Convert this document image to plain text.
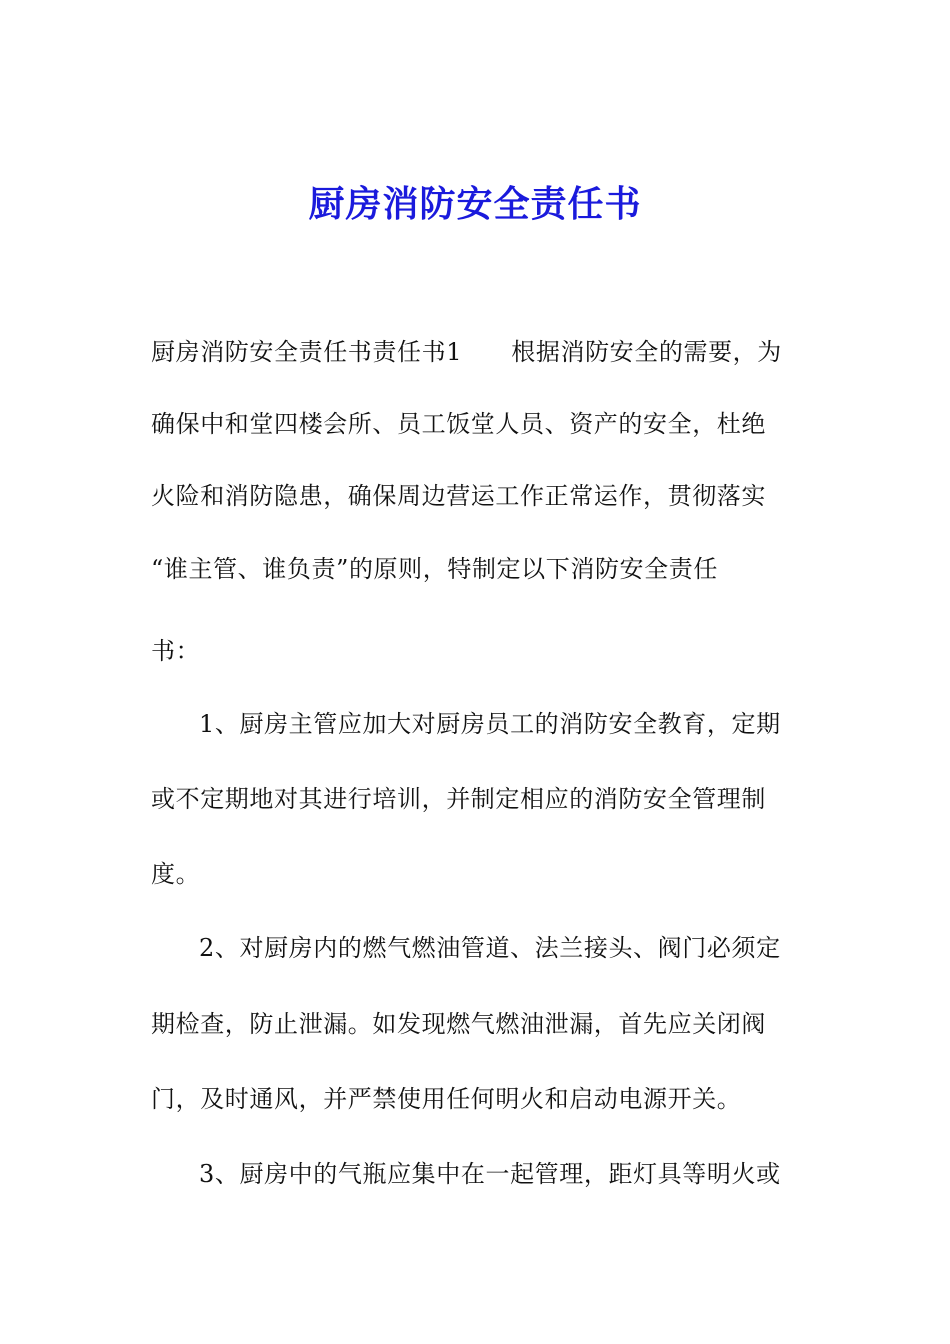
厨房消防安全责任书
厨房消防安全责任书责任书1　　根据消防安全的需要，为
确保中和堂四楼会所、员工饭堂人员、资产的安全，杜绝
火险和消防隐患，确保周边营运工作正常运作，贯彻落实
“谁主管、谁负责”的原则，特制定以下消防安全责任
书：
1、厨房主管应加大对厨房员工的消防安全教育，定期
或不定期地对其进行培训，并制定相应的消防安全管理制
度。
2、对厨房内的燃气燃油管道、法兰接头、阀门必须定
期检查，防止泄漏。如发现燃气燃油泄漏，首先应关闭阀
门，及时通风，并严禁使用任何明火和启动电源开关。
3、厨房中的气瓶应集中在一起管理，距灯具等明火或
